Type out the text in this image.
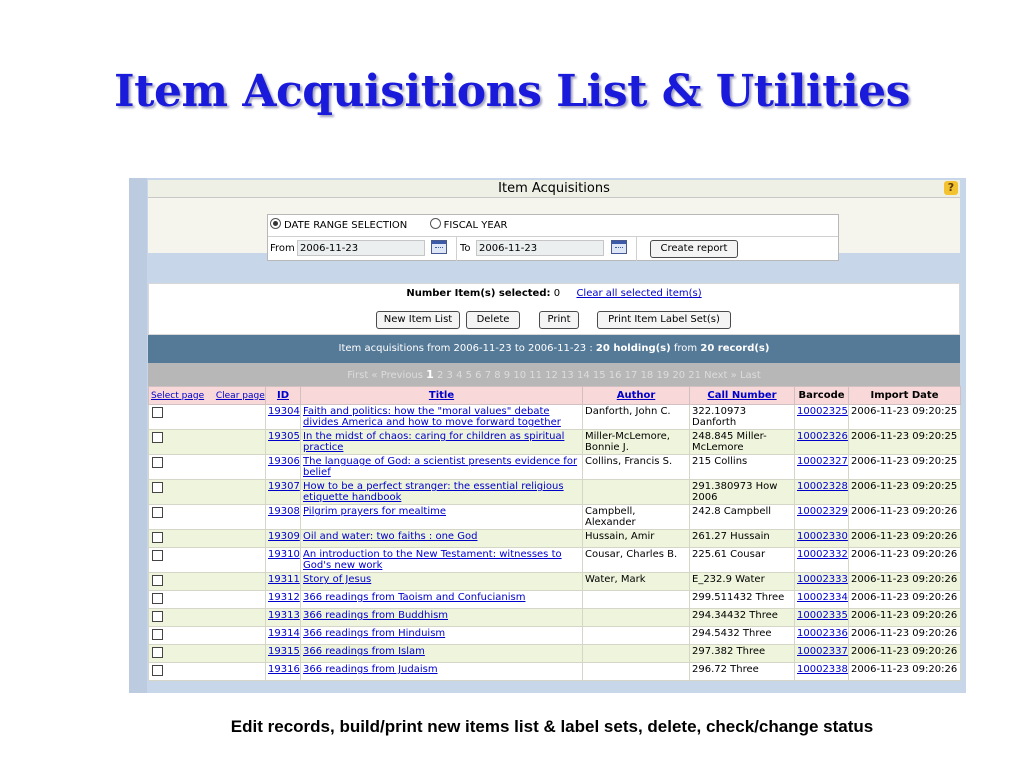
Item Acquisitions List & Utilities
Item Acquisitions	?
DATE RANGE SELECTION	FISCAL YEAR
From 2006-11-23	To 2006-11-23	Create report
Number Item(s) selected: 0 Clear all selected item(s)
New Item List	Delete	Print	Print Item Label Set(s)
Item acquisitions from 2006-11-23 to 2006-11-23 : 20 holding(s) from 20 record(s)
First « Previous 1 2 3 4 5 6 7 8 9 10 11 12 13 14 15 16 17 18 19 20 21 Next » Last
Select page Clear page	ID	Title	Author	Call Number	Barcode	Import Date
	19304	Faith and politics: how the "moral values" debate divides America and how to move forward together	Danforth, John C.	322.10973 Danforth	10002325	2006-11-23 09:20:25
	19305	In the midst of chaos: caring for children as spiritual practice	Miller-McLemore, Bonnie J.	248.845 Miller-McLemore	10002326	2006-11-23 09:20:25
	19306	The language of God: a scientist presents evidence for belief	Collins, Francis S.	215 Collins	10002327	2006-11-23 09:20:25
	19307	How to be a perfect stranger: the essential religious etiquette handbook		291.380973 How 2006	10002328	2006-11-23 09:20:25
	19308	Pilgrim prayers for mealtime	Campbell, Alexander	242.8 Campbell	10002329	2006-11-23 09:20:26
	19309	Oil and water: two faiths : one God	Hussain, Amir	261.27 Hussain	10002330	2006-11-23 09:20:26
	19310	An introduction to the New Testament: witnesses to God's new work	Cousar, Charles B.	225.61 Cousar	10002332	2006-11-23 09:20:26
	19311	Story of Jesus	Water, Mark	E_232.9 Water	10002333	2006-11-23 09:20:26
	19312	366 readings from Taoism and Confucianism		299.511432 Three	10002334	2006-11-23 09:20:26
	19313	366 readings from Buddhism		294.34432 Three	10002335	2006-11-23 09:20:26
	19314	366 readings from Hinduism		294.5432 Three	10002336	2006-11-23 09:20:26
	19315	366 readings from Islam		297.382 Three	10002337	2006-11-23 09:20:26
	19316	366 readings from Judaism		296.72 Three	10002338	2006-11-23 09:20:26
Edit records, build/print new items list & label sets, delete, check/change status
